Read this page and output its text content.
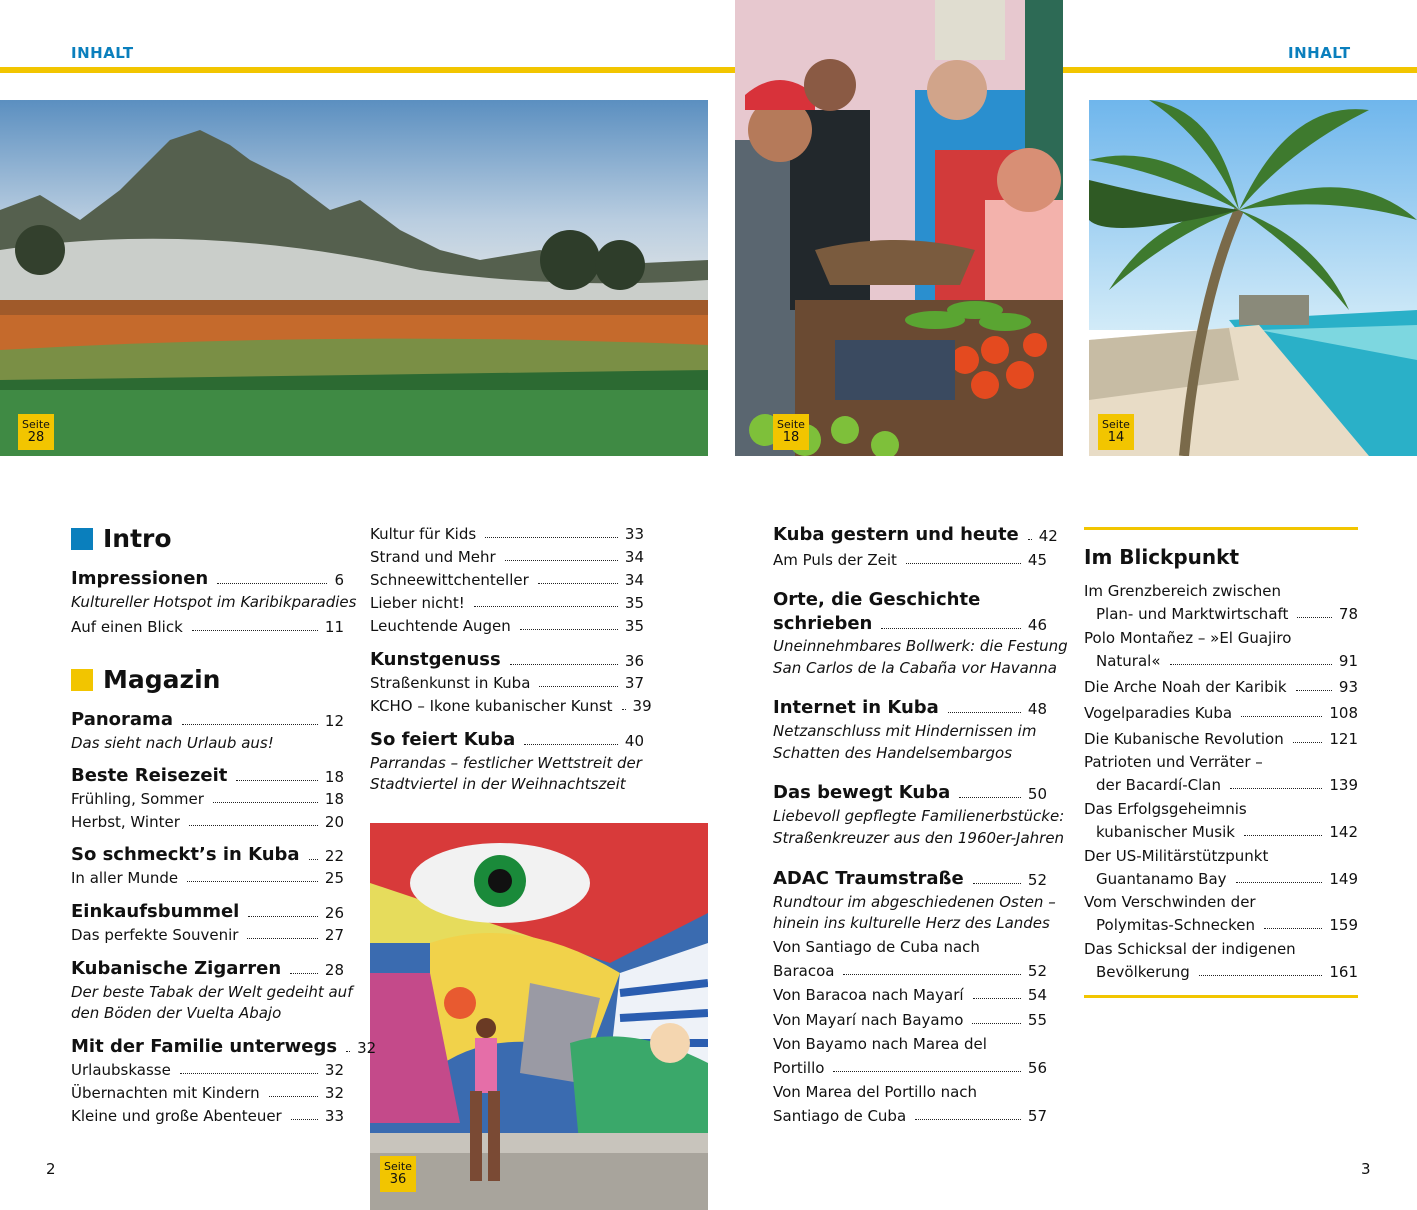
INHALT	INHALT
Seite
28
Seite
18
Seite
14
Seite
36
Intro
Magazin
Impressionen	6
Kultureller Hotspot im Karibikparadies
Auf einen Blick	11
Panorama	12
Das sieht nach Urlaub aus!
Beste Reisezeit	18
Frühling, Sommer	18
Herbst, Winter	20
So schmeckt’s in Kuba 22
In aller Munde	25
Einkaufsbummel	26
Das perfekte Souvenir	27
Kubanische Zigarren	28
Der beste Tabak der Welt gedeiht auf
den Böden der Vuelta Abajo
Mit der Familie unterwegs 32
Urlaubskasse	32
Übernachten mit Kindern	32
Kleine und große Abenteuer	33
Kultur für Kids	33
Strand und Mehr	34
Schneewittchenteller	34
Lieber nicht!	35
Leuchtende Augen	35
Kunstgenuss	36
Straßenkunst in Kuba	37
KCHO – Ikone kubanischer Kunst 39
So feiert Kuba	40
Parrandas – festlicher Wettstreit der
Stadtviertel in der Weihnachtszeit
Kuba gestern und heute 42
Am Puls der Zeit	45
Orte, die Geschichte
schrieben	46
Uneinnehmbares Bollwerk: die Festung
San Carlos de la Cabaña vor Havanna
Internet in Kuba	48
Netzanschluss mit Hindernissen im
Schatten des Handelsembargos
Das bewegt Kuba	50
Liebevoll gepflegte Familienerbstücke:
Straßenkreuzer aus den 1960er-Jahren
ADAC Traumstraße	52
Rundtour im abgeschiedenen Osten –
hinein ins kulturelle Herz des Landes
Von Santiago de Cuba nach
Baracoa	52
Von Baracoa nach Mayarí	54
Von Mayarí nach Bayamo	55
Von Bayamo nach Marea del
Portillo	56
Von Marea del Portillo nach
Santiago de Cuba	57
Im Blickpunkt
Im Grenzbereich zwischen
Plan- und Marktwirtschaft	78
Polo Montañez – »El Guajiro
Natural«	91
Die Arche Noah der Karibik	93
Vogelparadies Kuba	108
Die Kubanische Revolution	121
Patrioten und Verräter –
der Bacardí-Clan	139
Das Erfolgsgeheimnis
kubanischer Musik	142
Der US-Militärstützpunkt
Guantanamo Bay	149
Vom Verschwinden der
Polymitas-Schnecken	159
Das Schicksal der indigenen
Bevölkerung	161
2	3
